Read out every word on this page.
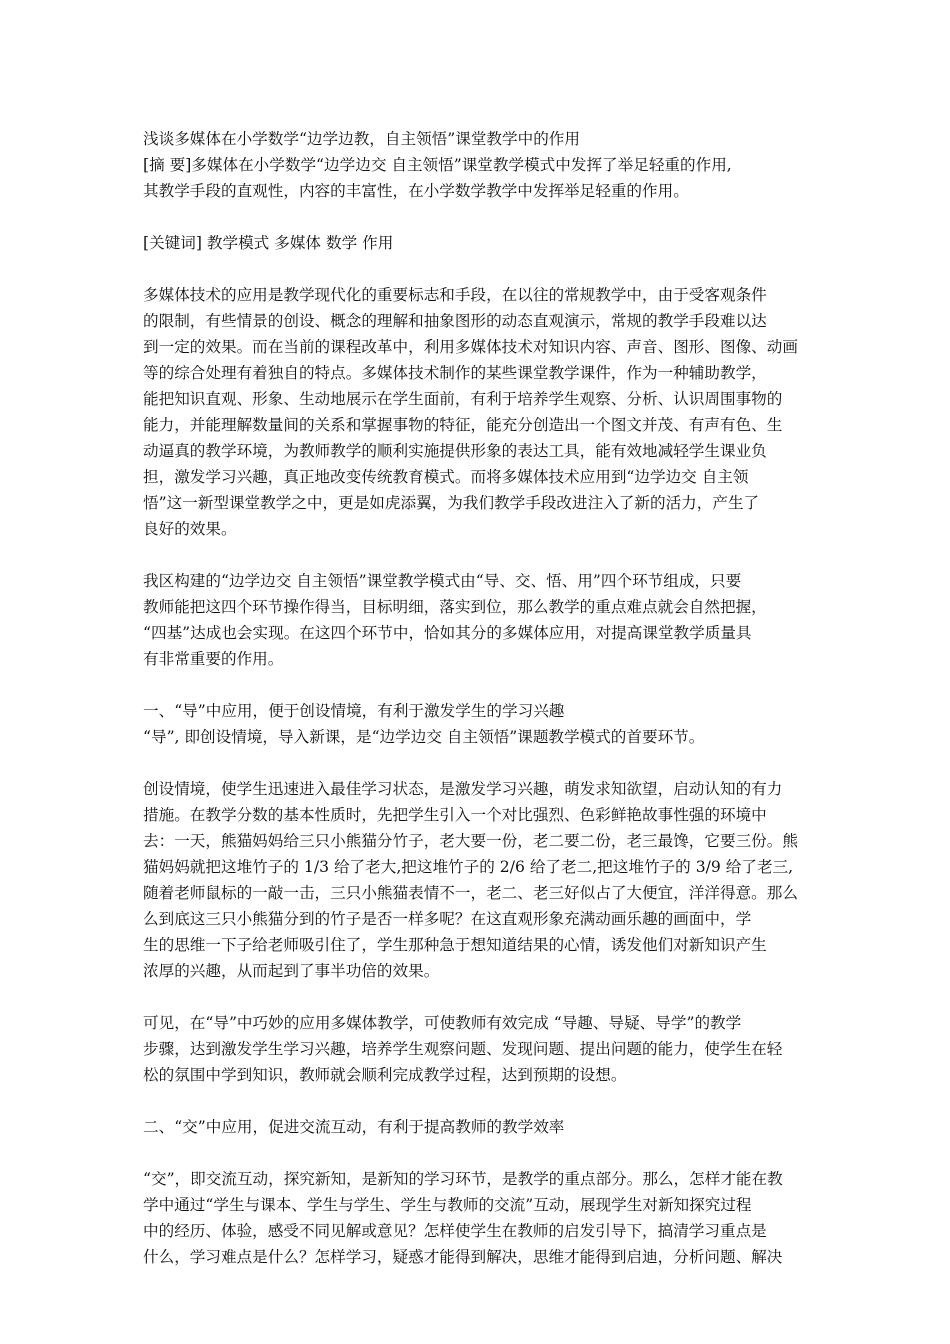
浅谈多媒体在小学数学“边学边教，自主领悟”课堂教学中的作用
[摘 要]多媒体在小学数学“边学边交 自主领悟”课堂教学模式中发挥了举足轻重的作用,
其教学手段的直观性，内容的丰富性，在小学数学教学中发挥举足轻重的作用。
[关键词] 教学模式 多媒体 数学 作用
多媒体技术的应用是教学现代化的重要标志和手段，在以往的常规教学中，由于受客观条件
的限制，有些情景的创设、概念的理解和抽象图形的动态直观演示，常规的教学手段难以达
到一定的效果。而在当前的课程改革中，利用多媒体技术对知识内容、声音、图形、图像、动画
等的综合处理有着独自的特点。多媒体技术制作的某些课堂教学课件，作为一种辅助教学，
能把知识直观、形象、生动地展示在学生面前，有利于培养学生观察、分析、认识周围事物的
能力，并能理解数量间的关系和掌握事物的特征，能充分创造出一个图文并茂、有声有色、生
动逼真的教学环境，为教师教学的顺利实施提供形象的表达工具，能有效地减轻学生课业负
担，激发学习兴趣，真正地改变传统教育模式。而将多媒体技术应用到“边学边交 自主领
悟”这一新型课堂教学之中，更是如虎添翼，为我们教学手段改进注入了新的活力，产生了
良好的效果。
我区构建的“边学边交 自主领悟”课堂教学模式由“导、交、悟、用”四个环节组成，只要
教师能把这四个环节操作得当，目标明细，落实到位，那么教学的重点难点就会自然把握，
“四基”达成也会实现。在这四个环节中，恰如其分的多媒体应用，对提高课堂教学质量具
有非常重要的作用。
一、“导”中应用，便于创设情境，有利于激发学生的学习兴趣
“导”, 即创设情境，导入新课，是“边学边交 自主领悟”课题教学模式的首要环节。
创设情境，使学生迅速进入最佳学习状态，是激发学习兴趣，萌发求知欲望，启动认知的有力
措施。在教学分数的基本性质时，先把学生引入一个对比强烈、色彩鲜艳故事性强的环境中
去：一天，熊猫妈妈给三只小熊猫分竹子，老大要一份，老二要二份，老三最馋，它要三份。熊
猫妈妈就把这堆竹子的 1/3 给了老大,把这堆竹子的 2/6 给了老二,把这堆竹子的 3/9 给了老三,
随着老师鼠标的一敲一击，三只小熊猫表情不一，老二、老三好似占了大便宜，洋洋得意。那么
么到底这三只小熊猫分到的竹子是否一样多呢？在这直观形象充满动画乐趣的画面中，学
生的思维一下子给老师吸引住了，学生那种急于想知道结果的心情，诱发他们对新知识产生
浓厚的兴趣，从而起到了事半功倍的效果。
可见，在“导”中巧妙的应用多媒体教学，可使教师有效完成 “导趣、导疑、导学”的教学
步骤，达到激发学生学习兴趣，培养学生观察问题、发现问题、提出问题的能力，使学生在轻
松的氛围中学到知识，教师就会顺利完成教学过程，达到预期的设想。
二、“交”中应用，促进交流互动，有利于提高教师的教学效率
“交”，即交流互动，探究新知，是新知的学习环节，是教学的重点部分。那么，怎样才能在教
学中通过“学生与课本、学生与学生、学生与教师的交流”互动，展现学生对新知探究过程
中的经历、体验，感受不同见解或意见？怎样使学生在教师的启发引导下，搞清学习重点是
什么，学习难点是什么？怎样学习，疑惑才能得到解决，思维才能得到启迪，分析问题、解决
